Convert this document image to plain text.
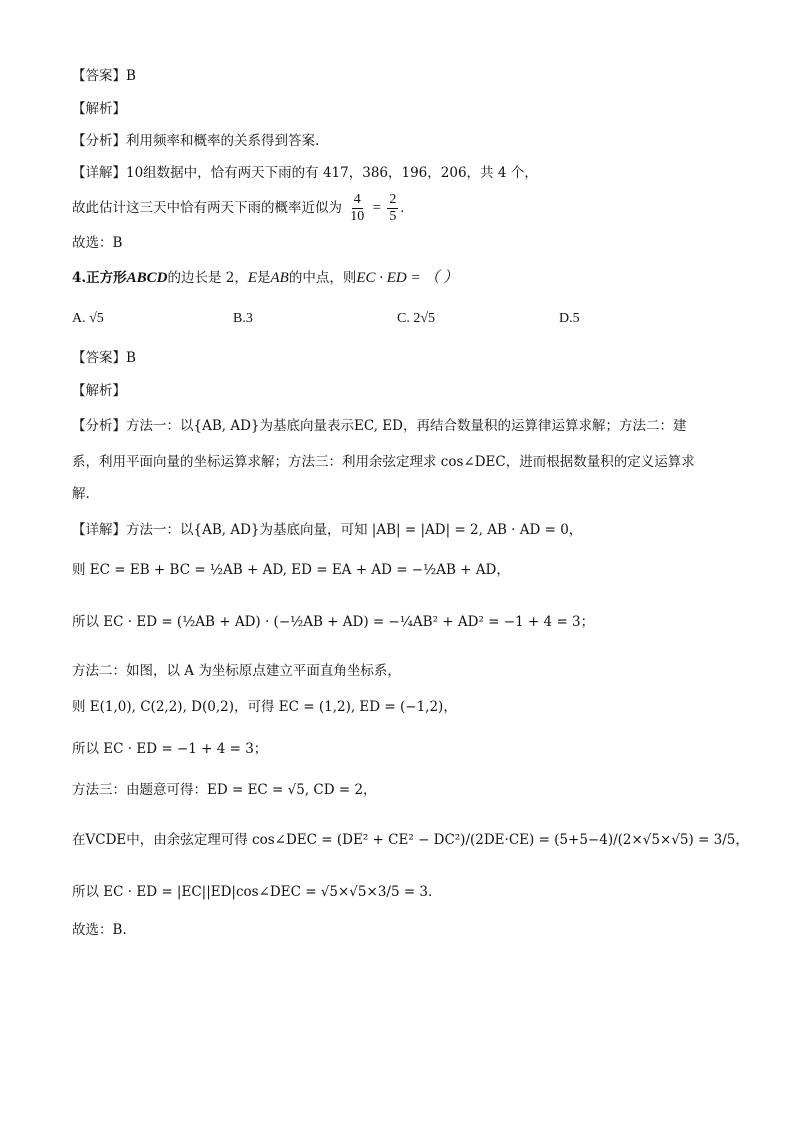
【答案】B
【解析】
【分析】利用频率和概率的关系得到答案.
【详解】10组数据中，恰有两天下雨的有 417，386，196，206，共 4 个，
故此估计这三天中恰有两天下雨的概率近似为 $\frac{4}{10} = \frac{2}{5}$ .
故选：B
4.正方形ABCD的边长是 2，E是AB的中点，则EC · ED = （ ）
A. √5	B.3	C. 2√5	D.5
【答案】B
【解析】
【分析】方法一：以{AB, AD}为基底向量表示EC, ED，再结合数量积的运算律运算求解；方法二：建
系，利用平面向量的坐标运算求解；方法三：利用余弦定理求 cos∠DEC，进而根据数量积的定义运算求
解.
【详解】方法一：以{AB, AD}为基底向量，可知 |AB| = |AD| = 2, AB · AD = 0，
则 EC = EB + BC = ½AB + AD, ED = EA + AD = −½AB + AD，
所以 EC · ED = (½AB + AD) · (−½AB + AD) = −¼AB² + AD² = −1 + 4 = 3；
方法二：如图，以 A 为坐标原点建立平面直角坐标系，
则 E(1,0), C(2,2), D(0,2)，可得 EC = (1,2), ED = (−1,2)，
所以 EC · ED = −1 + 4 = 3；
方法三：由题意可得：ED = EC = √5, CD = 2，
在VCDE中，由余弦定理可得 cos∠DEC = (DE² + CE² − DC²)/(2DE·CE) = (5+5−4)/(2×√5×√5) = 3/5，
所以 EC · ED = |EC||ED|cos∠DEC = √5×√5×3/5 = 3.
故选：B.
